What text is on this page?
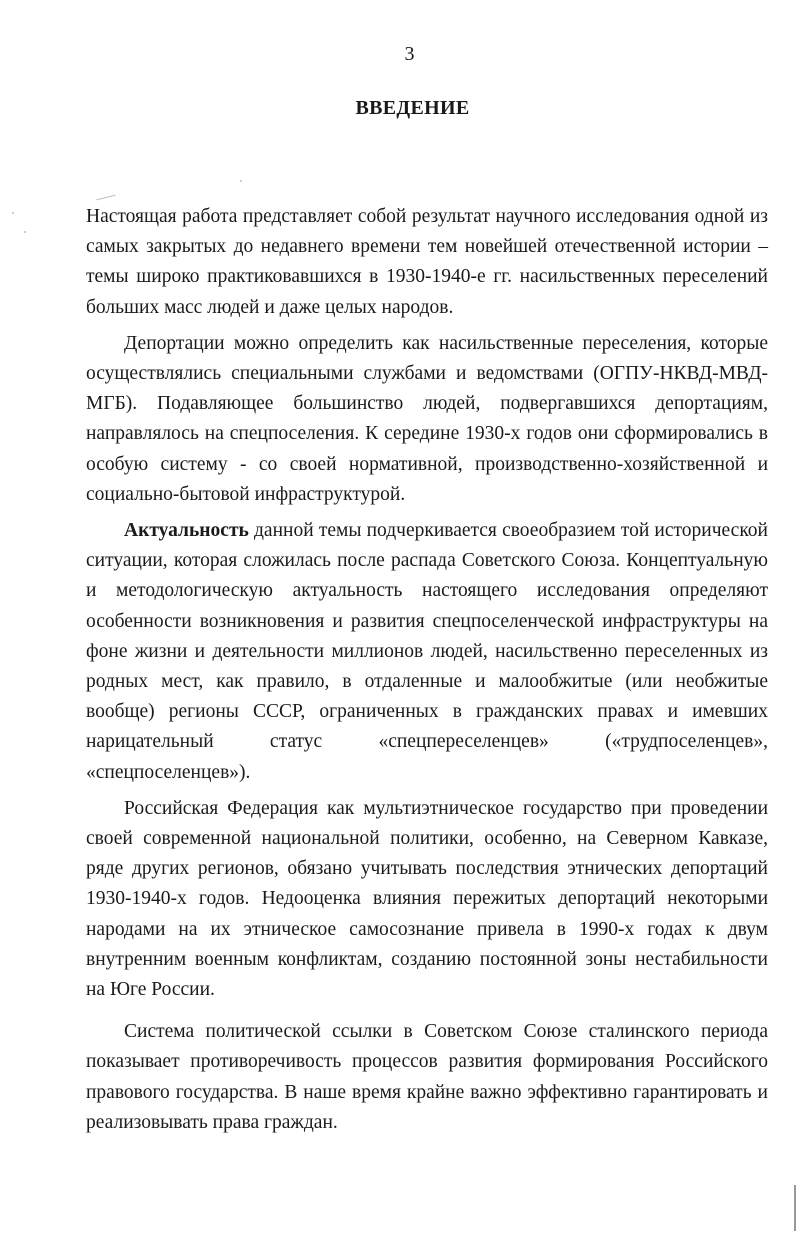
3
ВВЕДЕНИЕ

Настоящая работа представляет собой результат научного исследования одной из самых закрытых до недавнего времени тем новейшей отечественной истории – темы широко практиковавшихся в 1930-1940-е гг. насильственных переселений больших масс людей и даже целых народов.

Депортации можно определить как насильственные переселения, которые осуществлялись специальными службами и ведомствами (ОГПУ-НКВД-МВД-МГБ). Подавляющее большинство людей, подвергавшихся депортациям, направлялось на спецпоселения. К середине 1930-х годов они сформировались в особую систему - со своей нормативной, производственно-хозяйственной и социально-бытовой инфраструктурой.

Актуальность данной темы подчеркивается своеобразием той исторической ситуации, которая сложилась после распада Советского Союза. Концептуальную и методологическую актуальность настоящего исследования определяют особенности возникновения и развития спецпоселенческой инфраструктуры на фоне жизни и деятельности миллионов людей, насильственно переселенных из родных мест, как правило, в отдаленные и малообжитые (или необжитые вообще) регионы СССР, ограниченных в гражданских правах и имевших нарицательный статус «спецпереселенцев» («трудпоселенцев», «спецпоселенцев»).

Российская Федерация как мультиэтническое государство при проведении своей современной национальной политики, особенно, на Северном Кавказе, ряде других регионов, обязано учитывать последствия этнических депортаций 1930-1940-х годов. Недооценка влияния пережитых депортаций некоторыми народами на их этническое самосознание привела в 1990-х годах к двум внутренним военным конфликтам, созданию постоянной зоны нестабильности на Юге России.

Система политической ссылки в Советском Союзе сталинского периода показывает противоречивость процессов развития формирования Российского правового государства. В наше время крайне важно эффективно гарантировать и реализовывать права граждан.
